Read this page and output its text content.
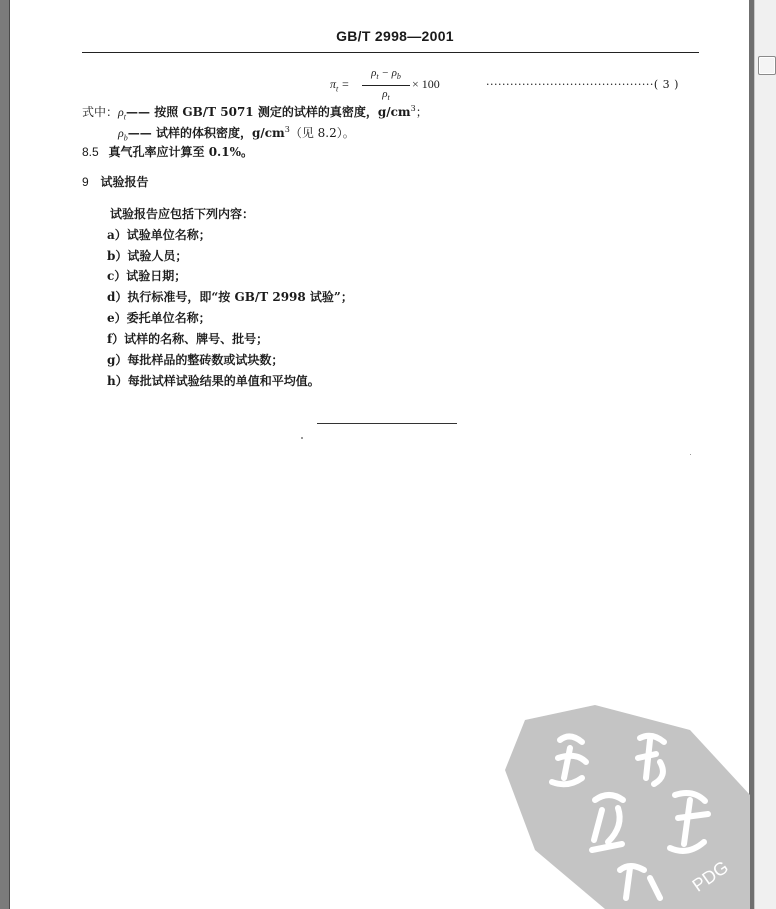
GB/T 2998—2001
$\pi_t$ =
$\rho_t - \rho_b$
$\rho_t$
× 100	··········································( 3 )
式中：$\rho_t——$ 按照 GB/T 5071 测定的试样的真密度，$g/cm^3$；
$\rho_b——$ 试样的体积密度，$g/cm^3$（见 8.2）。
8.5 真气孔率应计算至 0.1%。
9 试验报告
试验报告应包括下列内容：
a）试验单位名称；
b）试验人员；
c）试验日期；
d）执行标准号，即“按 GB/T 2998 试验”；
e）委托单位名称；
f）试样的名称、牌号、批号；
g）每批样品的整砖数或试块数；
h）每批试样试验结果的单值和平均值。
PDG
